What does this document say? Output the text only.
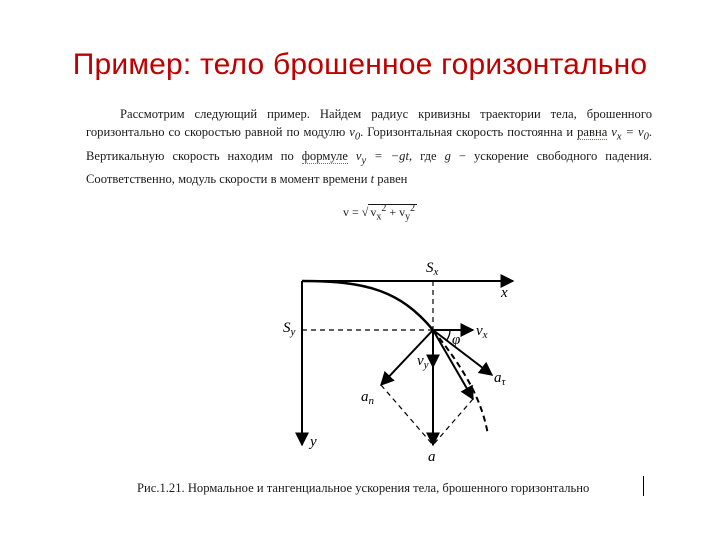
Пример: тело брошенное горизонтально
Рассмотрим следующий пример. Найдем радиус кривизны траектории тела, брошенного горизонтально со скоростью равной по модулю $v_0$. Горизонтальная скорость постоянна и равна $v_x = v_0$. Вертикальную скорость находим по формуле $v_y = -gt$, где g − ускорение свободного падения. Соответственно, модуль скорости в момент времени t равен
v = √ $v_x^2 + v_y^2$
$S_x$
x
$S_y$
y
φ
$v_x$
$v_y$
$a_n$
$a_\tau$
a
Рис.1.21. Нормальное и тангенциальное ускорения тела, брошенного горизонтально
